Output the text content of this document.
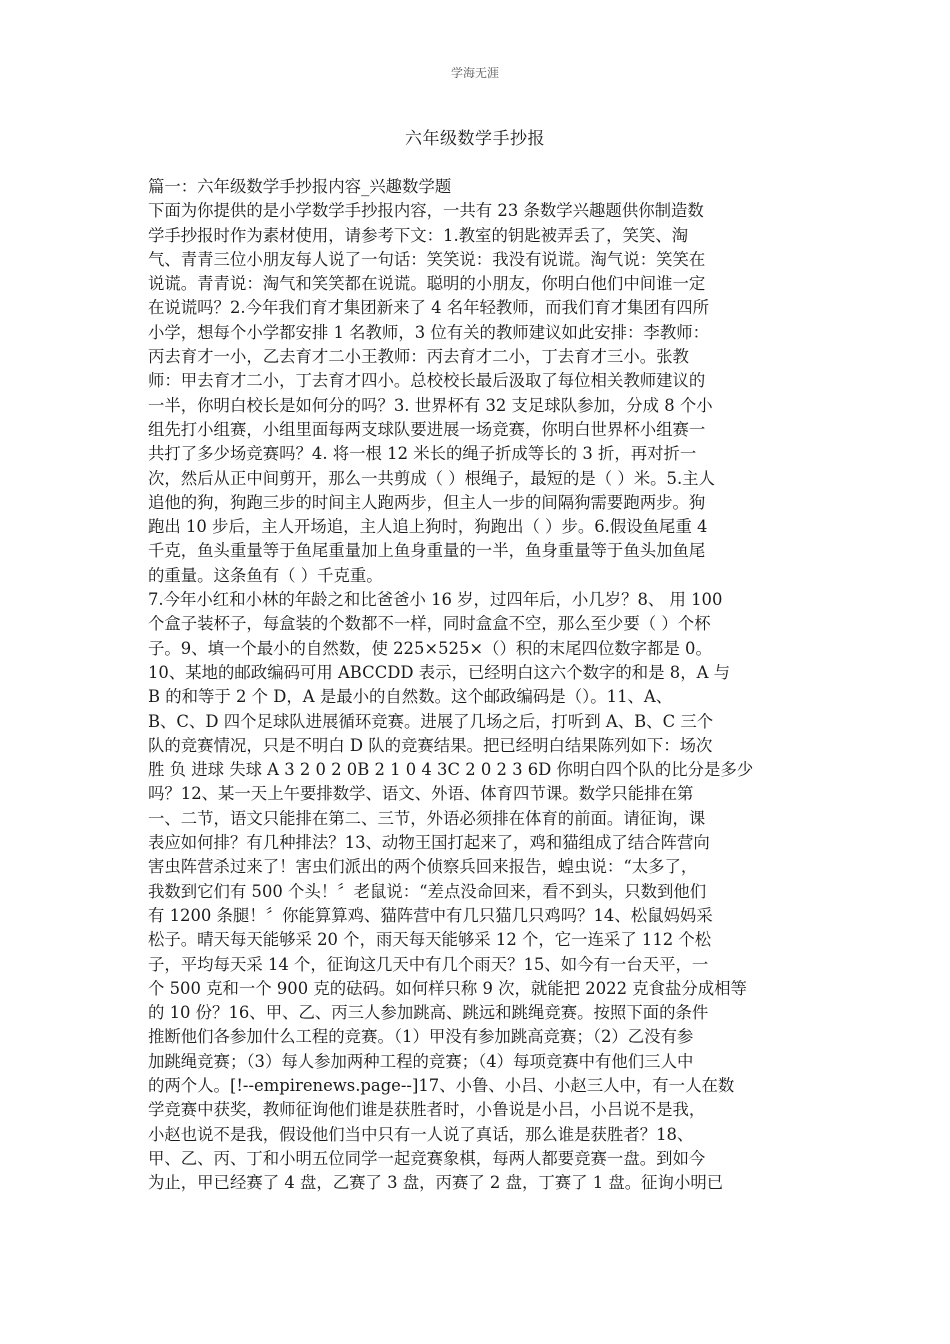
学海无涯
六年级数学手抄报
篇一：六年级数学手抄报内容_兴趣数学题
下面为你提供的是小学数学手抄报内容，一共有 23 条数学兴趣题供你制造数
学手抄报时作为素材使用，请参考下文：1.教室的钥匙被弄丢了，笑笑、淘
气、青青三位小朋友每人说了一句话：笑笑说：我没有说谎。淘气说：笑笑在
说谎。青青说：淘气和笑笑都在说谎。聪明的小朋友，你明白他们中间谁一定
在说谎吗？2.今年我们育才集团新来了 4 名年轻教师，而我们育才集团有四所
小学，想每个小学都安排 1 名教师，3 位有关的教师建议如此安排：李教师：
丙去育才一小，乙去育才二小王教师：丙去育才二小，丁去育才三小。张教
师：甲去育才二小，丁去育才四小。总校校长最后汲取了每位相关教师建议的
一半，你明白校长是如何分的吗？3. 世界杯有 32 支足球队参加，分成 8 个小
组先打小组赛，小组里面每两支球队要进展一场竞赛，你明白世界杯小组赛一
共打了多少场竞赛吗？4. 将一根 12 米长的绳子折成等长的 3 折，再对折一
次，然后从正中间剪开，那么一共剪成（ ）根绳子，最短的是（ ）米。5.主人
追他的狗，狗跑三步的时间主人跑两步，但主人一步的间隔狗需要跑两步。狗
跑出 10 步后，主人开场追，主人追上狗时，狗跑出（ ）步。6.假设鱼尾重 4
千克，鱼头重量等于鱼尾重量加上鱼身重量的一半，鱼身重量等于鱼头加鱼尾
的重量。这条鱼有（ ）千克重。
7.今年小红和小林的年龄之和比爸爸小 16 岁，过四年后，小几岁？8、 用 100
个盒子装杯子，每盒装的个数都不一样，同时盒盒不空，那么至少要（ ）个杯
子。9、填一个最小的自然数，使 225×525×（）积的末尾四位数字都是 0。
10、某地的邮政编码可用 ABCCDD 表示，已经明白这六个数字的和是 8，A 与
B 的和等于 2 个 D，A 是最小的自然数。这个邮政编码是（）。11、A、
B、C、D 四个足球队进展循环竞赛。进展了几场之后，打听到 A、B、C 三个
队的竞赛情况，只是不明白 D 队的竞赛结果。把已经明白结果陈列如下：场次
胜 负 进球 失球 A 3 2 0 2 0B 2 1 0 4 3C 2 0 2 3 6D 你明白四个队的比分是多少
吗？12、某一天上午要排数学、语文、外语、体育四节课。数学只能排在第
一、二节，语文只能排在第二、三节，外语必须排在体育的前面。请征询，课
表应如何排？有几种排法？13、动物王国打起来了，鸡和猫组成了结合阵营向
害虫阵营杀过来了！害虫们派出的两个侦察兵回来报告，蝗虫说：“太多了，
我数到它们有 500 个头！〞老鼠说：“差点没命回来，看不到头，只数到他们
有 1200 条腿！〞你能算算鸡、猫阵营中有几只猫几只鸡吗？14、松鼠妈妈采
松子。晴天每天能够采 20 个，雨天每天能够采 12 个，它一连采了 112 个松
子，平均每天采 14 个，征询这几天中有几个雨天？15、如今有一台天平，一
个 500 克和一个 900 克的砝码。如何样只称 9 次，就能把 2022 克食盐分成相等
的 10 份？16、甲、乙、丙三人参加跳高、跳远和跳绳竞赛。按照下面的条件
推断他们各参加什么工程的竞赛。（1）甲没有参加跳高竞赛；（2）乙没有参
加跳绳竞赛；（3）每人参加两种工程的竞赛；（4）每项竞赛中有他们三人中
的两个人。[!--empirenews.page--]17、小鲁、小吕、小赵三人中，有一人在数
学竞赛中获奖，教师征询他们谁是获胜者时，小鲁说是小吕，小吕说不是我，
小赵也说不是我，假设他们当中只有一人说了真话，那么谁是获胜者？18、
甲、乙、丙、丁和小明五位同学一起竞赛象棋，每两人都要竞赛一盘。到如今
为止，甲已经赛了 4 盘，乙赛了 3 盘，丙赛了 2 盘，丁赛了 1 盘。征询小明已
